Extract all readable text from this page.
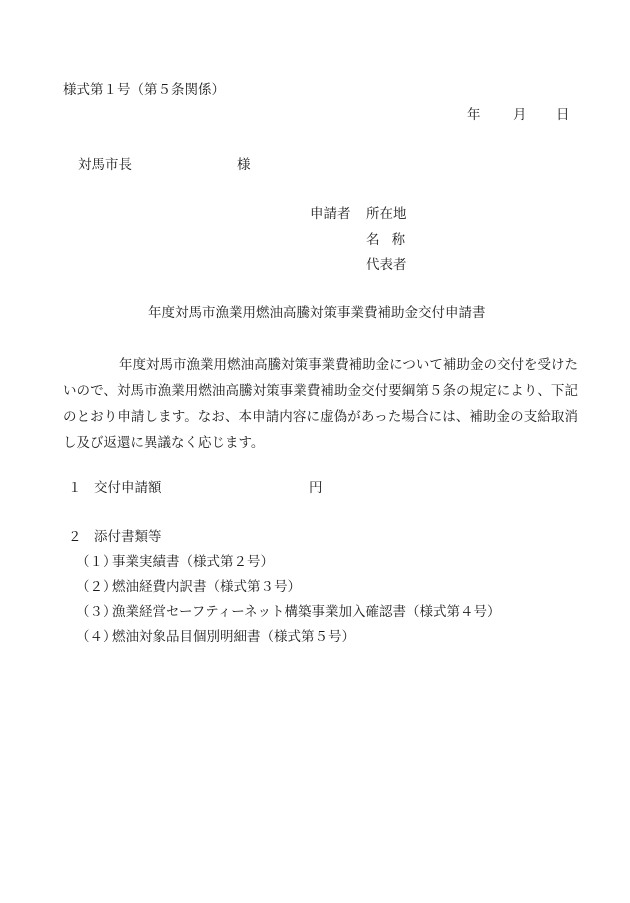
様式第１号（第５条関係）
年 月 日
対馬市長	様
申請者 所在地
名称
代表者
年度対馬市漁業用燃油高騰対策事業費補助金交付申請書
年度対馬市漁業用燃油高騰対策事業費補助金について補助金の交付を受けたいので、対馬市漁業用燃油高騰対策事業費補助金交付要綱第５条の規定により、下記のとおり申請します。なお、本申請内容に虚偽があった場合には、補助金の支給取消し及び返還に異議なく応じます。
１ 交付申請額	円
２ 添付書類等
（１）事業実績書（様式第２号）
（２）燃油経費内訳書（様式第３号）
（３）漁業経営セーフティーネット構築事業加入確認書（様式第４号）
（４）燃油対象品目個別明細書（様式第５号）
